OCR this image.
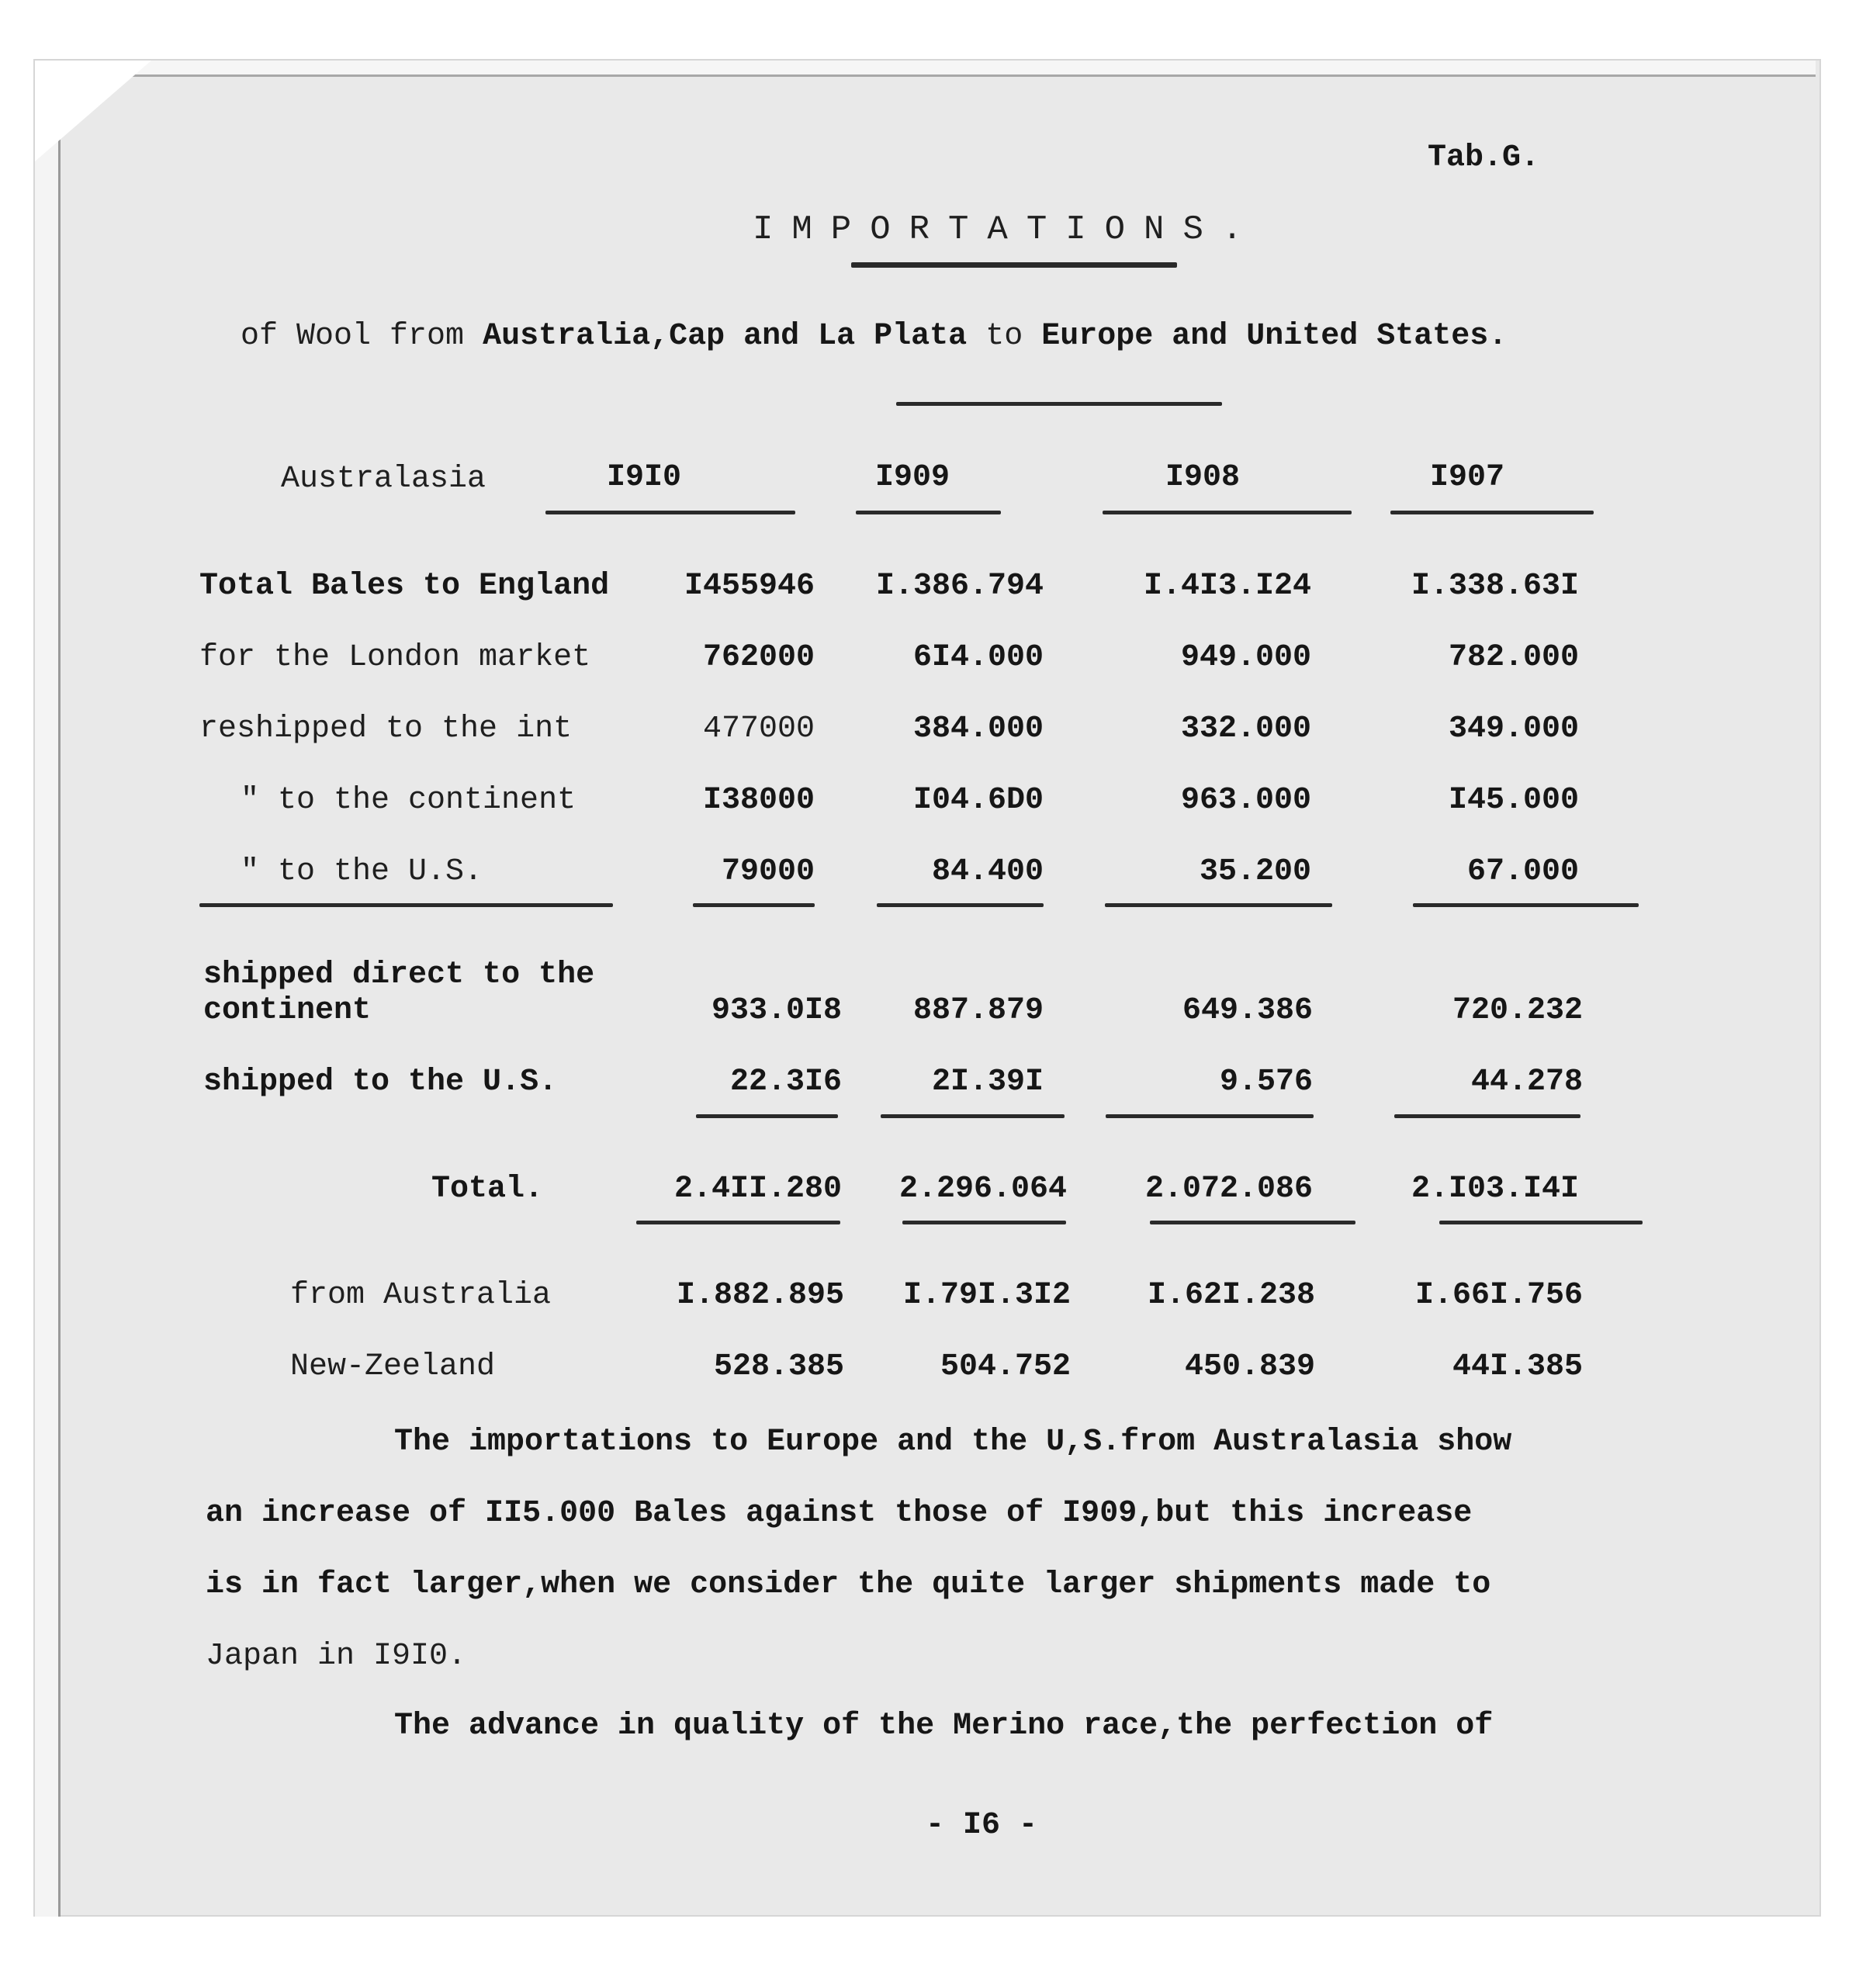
Tab.G.
IMPORTATIONS.
of Wool from Australia,Cap and La Plata to Europe and United States.
Australasia	I9I0	I909	I908	I907
Total Bales to England	I455946	I.386.794	I.4I3.I24	I.338.63I
for the London market	762000	6I4.000	949.000	782.000
reshipped to the int	477000	384.000	332.000	349.000
″ to the continent	I38000	I04.6D0	963.000	I45.000
″ to the U.S.	79000	84.400	35.200	67.000
shipped direct to the
continent	933.0I8	887.879	649.386	720.232
shipped to the U.S.	22.3I6	2I.39I	9.576	44.278
Total.	2.4II.280	2.296.064	2.072.086	2.I03.I4I
from Australia	I.882.895	I.79I.3I2	I.62I.238	I.66I.756
New-Zeeland	528.385	504.752	450.839	44I.385
The importations to Europe and the U,S.from Australasia show
an increase of II5.000 Bales against those of I909,but this increase
is in fact larger,when we consider the quite larger shipments made to
Japan in I9I0.
The advance in quality of the Merino race,the perfection of
- I6 -
